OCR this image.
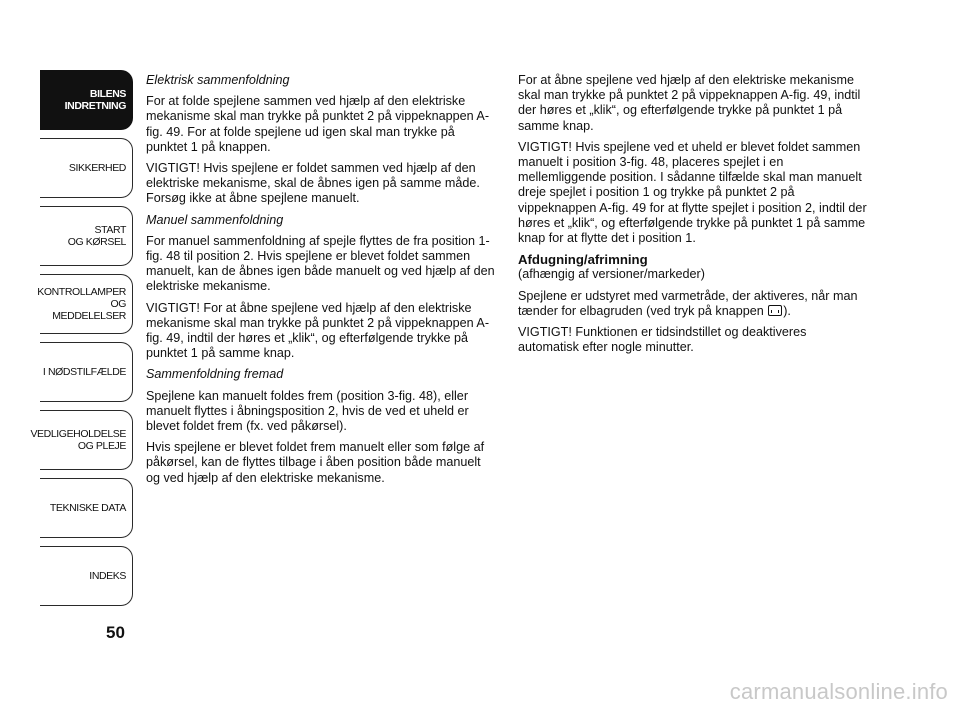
BILENS
INDRETNING
SIKKERHED
START
OG KØRSEL
KONTROLLAMPER
OG MEDDELELSER
I NØDSTILFÆLDE
VEDLIGEHOLDELSE
OG PLEJE
TEKNISKE DATA
INDEKS
50

Elektrisk sammenfoldning

For at folde spejlene sammen ved hjælp af den elektriske mekanisme skal man trykke på punktet 2 på vippeknappen A-fig. 49. For at folde spejlene ud igen skal man trykke på punktet 1 på knappen.

VIGTIGT! Hvis spejlene er foldet sammen ved hjælp af den elektriske mekanisme, skal de åbnes igen på samme måde. Forsøg ikke at åbne spejlene manuelt.

Manuel sammenfoldning

For manuel sammenfoldning af spejle flyttes de fra position 1-fig. 48 til position 2. Hvis spejlene er blevet foldet sammen manuelt, kan de åbnes igen både manuelt og ved hjælp af den elektriske mekanisme.

VIGTIGT! For at åbne spejlene ved hjælp af den elektriske mekanisme skal man trykke på punktet 2 på vippeknappen A-fig. 49, indtil der høres et „klik“, og efterfølgende trykke på punktet 1 på samme knap.

Sammenfoldning fremad

Spejlene kan manuelt foldes frem (position 3-fig. 48), eller manuelt flyttes i åbningsposition 2, hvis de ved et uheld er blevet foldet frem (fx. ved påkørsel).

Hvis spejlene er blevet foldet frem manuelt eller som følge af påkørsel, kan de flyttes tilbage i åben position både manuelt og ved hjælp af den elektriske mekanisme.

For at åbne spejlene ved hjælp af den elektriske mekanisme skal man trykke på punktet 2 på vippeknappen A-fig. 49, indtil der høres et „klik“, og efterfølgende trykke på punktet 1 på samme knap.

VIGTIGT! Hvis spejlene ved et uheld er blevet foldet sammen manuelt i position 3-fig. 48, placeres spejlet i en mellemliggende position. I sådanne tilfælde skal man manuelt dreje spejlet i position 1 og trykke på punktet 2 på vippeknappen A-fig. 49 for at flytte spejlet i position 2, indtil der høres et „klik“, og efterfølgende trykke på punktet 1 på samme knap for at flytte det i position 1.

Afdugning/afrimning

(afhængig af versioner/markeder)

Spejlene er udstyret med varmetråde, der aktiveres, når man tænder for elbagruden (ved tryk på knappen ).

VIGTIGT! Funktionen er tidsindstillet og deaktiveres automatisk efter nogle minutter.

carmanualsonline.info
